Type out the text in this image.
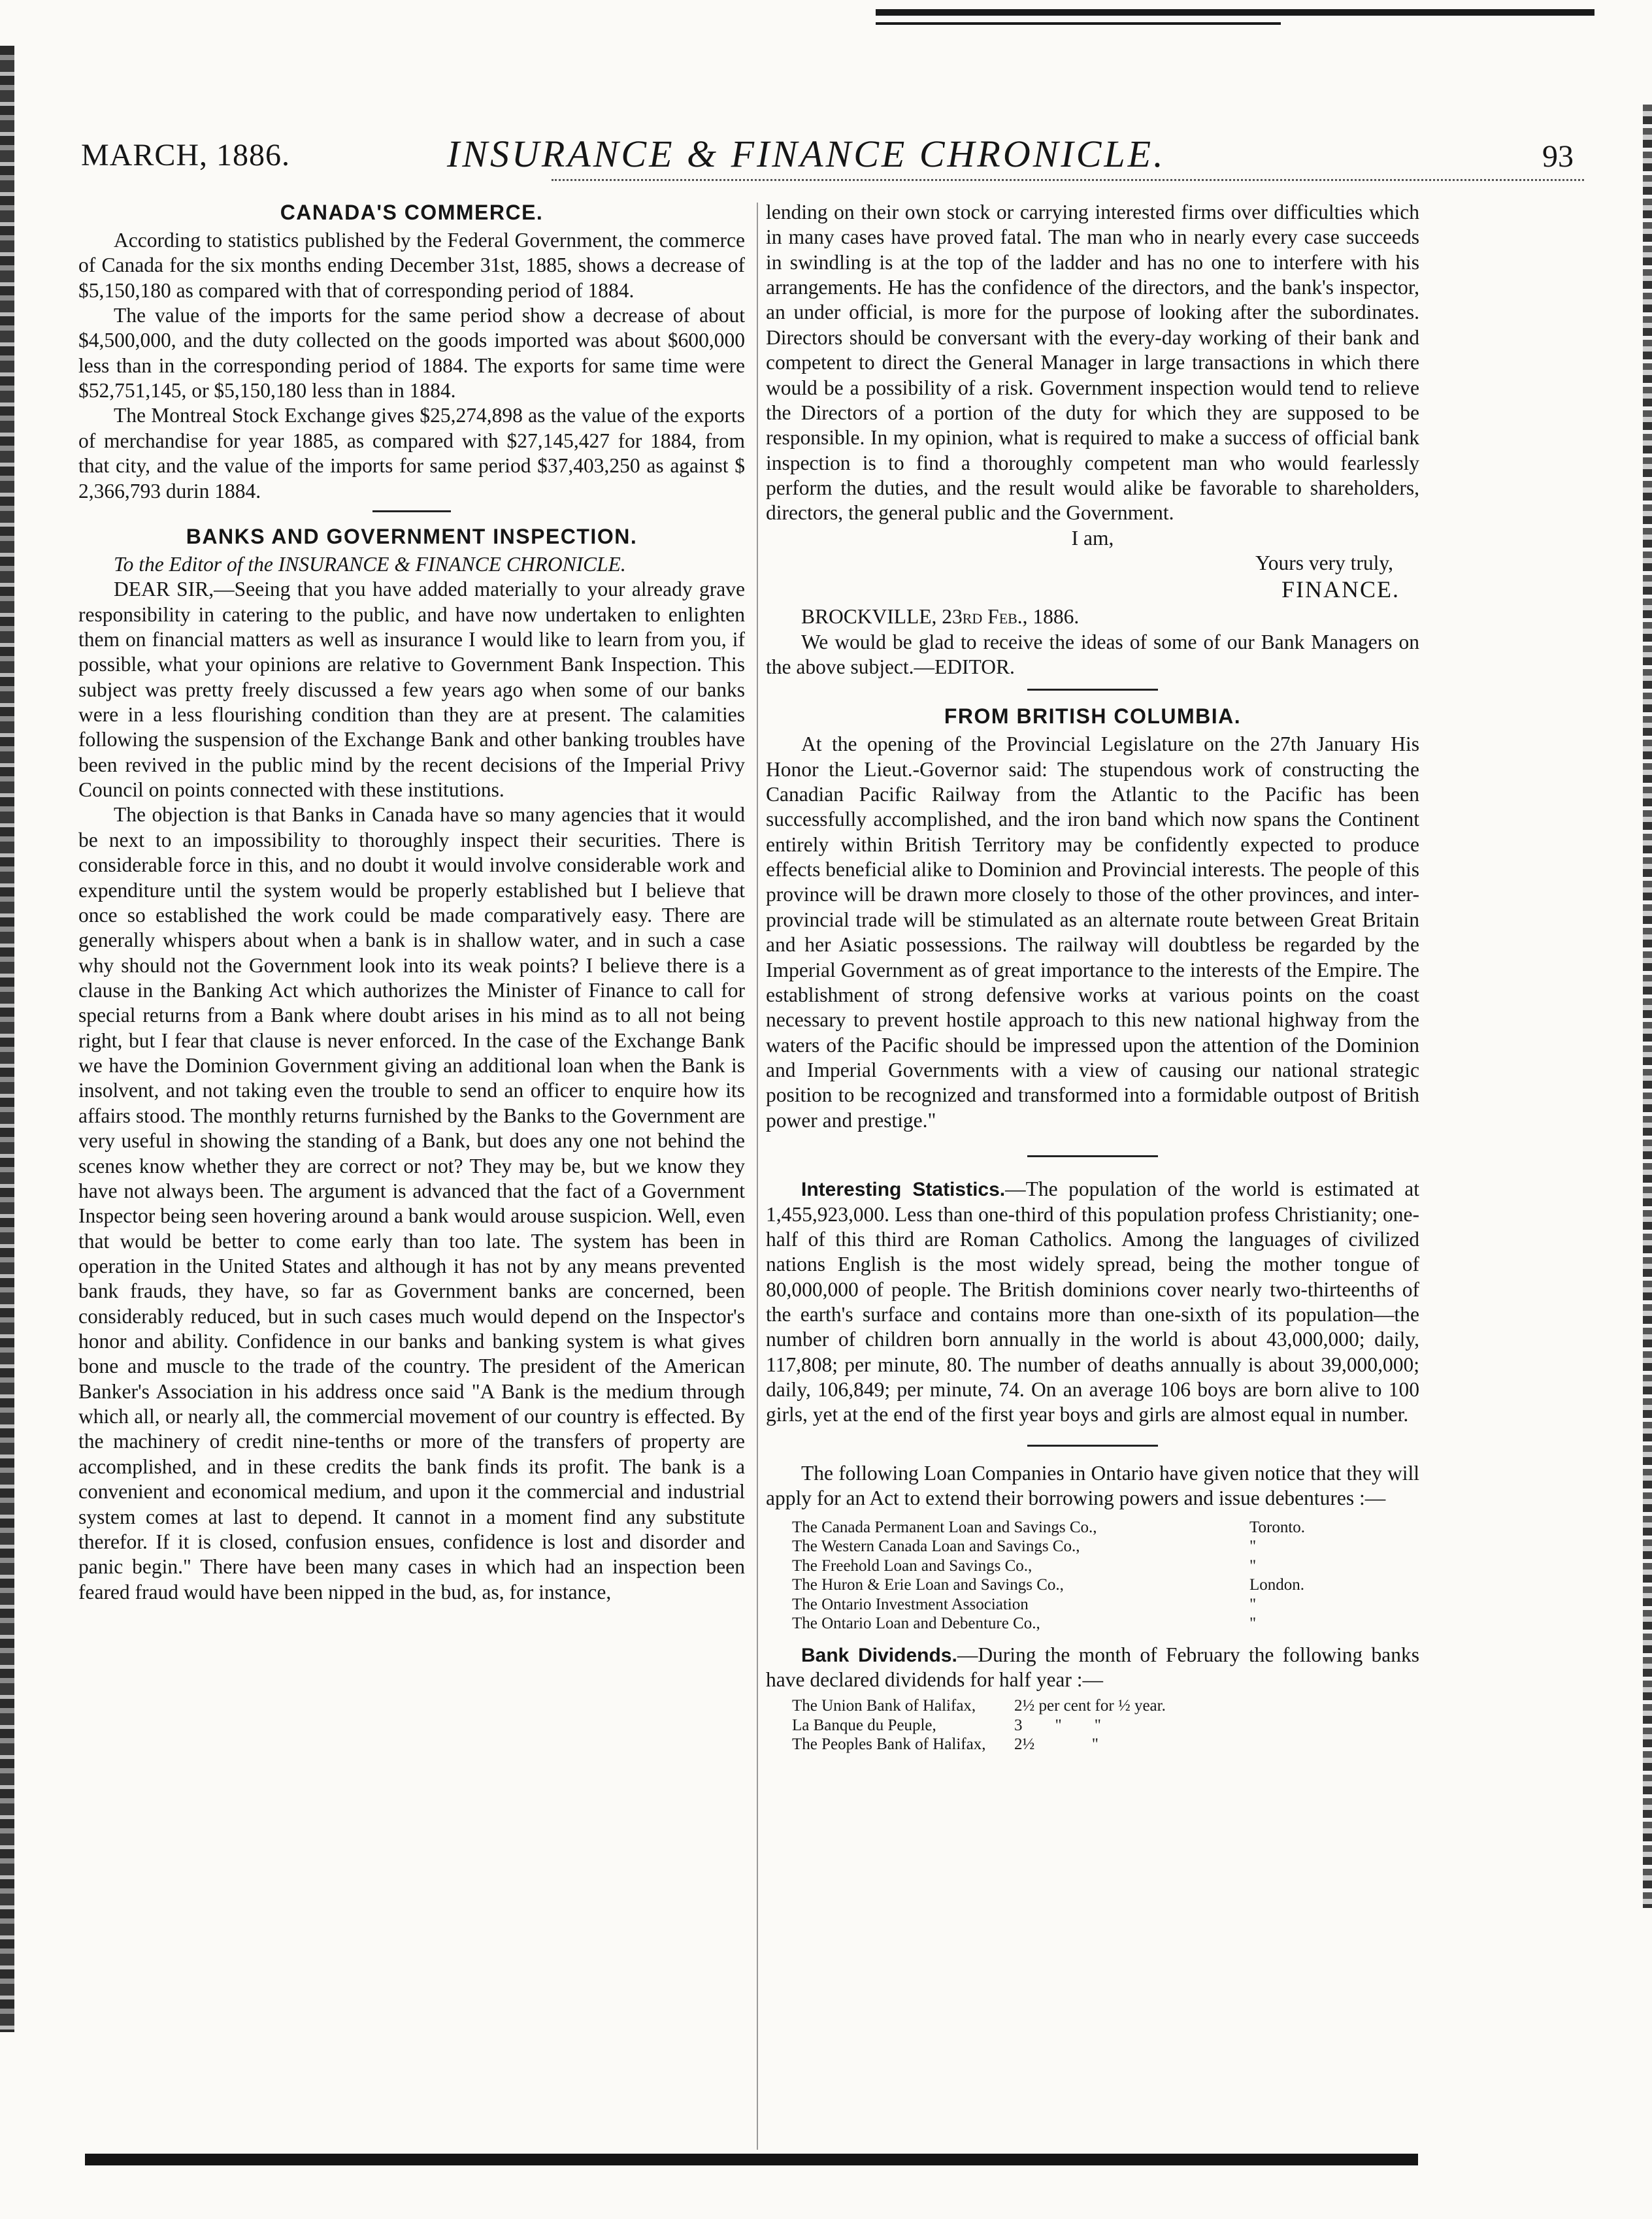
MARCH, 1886.	INSURANCE & FINANCE CHRONICLE.	93
CANADA'S COMMERCE.

According to statistics published by the Federal Government, the commerce of Canada for the six months ending December 31st, 1885, shows a decrease of $5,150,180 as compared with that of corresponding period of 1884.

The value of the imports for the same period show a decrease of about $4,500,000, and the duty collected on the goods imported was about $600,000 less than in the corresponding period of 1884. The exports for same time were $52,751,145, or $5,150,180 less than in 1884.

The Montreal Stock Exchange gives $25,274,898 as the value of the exports of merchandise for year 1885, as compared with $27,145,427 for 1884, from that city, and the value of the imports for same period $37,403,250 as against $ 2,366,793 durin 1884.

BANKS AND GOVERNMENT INSPECTION.

To the Editor of the INSURANCE & FINANCE CHRONICLE.

DEAR SIR,—Seeing that you have added materially to your already grave responsibility in catering to the public, and have now undertaken to enlighten them on financial matters as well as insurance I would like to learn from you, if possible, what your opinions are relative to Government Bank Inspection. This subject was pretty freely discussed a few years ago when some of our banks were in a less flourishing condition than they are at present. The calamities following the suspension of the Exchange Bank and other banking troubles have been revived in the public mind by the recent decisions of the Imperial Privy Council on points connected with these institutions.

The objection is that Banks in Canada have so many agencies that it would be next to an impossibility to thoroughly inspect their securities. There is considerable force in this, and no doubt it would involve considerable work and expenditure until the system would be properly established but I believe that once so established the work could be made comparatively easy. There are generally whispers about when a bank is in shallow water, and in such a case why should not the Government look into its weak points? I believe there is a clause in the Banking Act which authorizes the Minister of Finance to call for special returns from a Bank where doubt arises in his mind as to all not being right, but I fear that clause is never enforced. In the case of the Exchange Bank we have the Dominion Government giving an additional loan when the Bank is insolvent, and not taking even the trouble to send an officer to enquire how its affairs stood. The monthly returns furnished by the Banks to the Government are very useful in showing the standing of a Bank, but does any one not behind the scenes know whether they are correct or not? They may be, but we know they have not always been. The argument is advanced that the fact of a Government Inspector being seen hovering around a bank would arouse suspicion. Well, even that would be better to come early than too late. The system has been in operation in the United States and although it has not by any means prevented bank frauds, they have, so far as Government banks are concerned, been considerably reduced, but in such cases much would depend on the Inspector's honor and ability. Confidence in our banks and banking system is what gives bone and muscle to the trade of the country. The president of the American Banker's Association in his address once said "A Bank is the medium through which all, or nearly all, the commercial movement of our country is effected. By the machinery of credit nine-tenths or more of the transfers of property are accomplished, and in these credits the bank finds its profit. The bank is a convenient and economical medium, and upon it the commercial and industrial system comes at last to depend. It cannot in a moment find any substitute therefor. If it is closed, confusion ensues, confidence is lost and disorder and panic begin." There have been many cases in which had an inspection been feared fraud would have been nipped in the bud, as, for instance,

lending on their own stock or carrying interested firms over difficulties which in many cases have proved fatal. The man who in nearly every case succeeds in swindling is at the top of the ladder and has no one to interfere with his arrangements. He has the confidence of the directors, and the bank's inspector, an under official, is more for the purpose of looking after the subordinates. Directors should be conversant with the every-day working of their bank and competent to direct the General Manager in large transactions in which there would be a possibility of a risk. Government inspection would tend to relieve the Directors of a portion of the duty for which they are supposed to be responsible. In my opinion, what is required to make a success of official bank inspection is to find a thoroughly competent man who would fearlessly perform the duties, and the result would alike be favorable to shareholders, directors, the general public and the Government.

I am,
Yours very truly,
FINANCE.

BROCKVILLE, 23rd Feb., 1886.

We would be glad to receive the ideas of some of our Bank Managers on the above subject.—EDITOR.

FROM BRITISH COLUMBIA.

At the opening of the Provincial Legislature on the 27th January His Honor the Lieut.-Governor said: The stupendous work of constructing the Canadian Pacific Railway from the Atlantic to the Pacific has been successfully accomplished, and the iron band which now spans the Continent entirely within British Territory may be confidently expected to produce effects beneficial alike to Dominion and Provincial interests. The people of this province will be drawn more closely to those of the other provinces, and inter-provincial trade will be stimulated as an alternate route between Great Britain and her Asiatic possessions. The railway will doubtless be regarded by the Imperial Government as of great importance to the interests of the Empire. The establishment of strong defensive works at various points on the coast necessary to prevent hostile approach to this new national highway from the waters of the Pacific should be impressed upon the attention of the Dominion and Imperial Governments with a view of causing our national strategic position to be recognized and transformed into a formidable outpost of British power and prestige."

Interesting Statistics.—The population of the world is estimated at 1,455,923,000. Less than one-third of this population profess Christianity; one-half of this third are Roman Catholics. Among the languages of civilized nations English is the most widely spread, being the mother tongue of 80,000,000 of people. The British dominions cover nearly two-thirteenths of the earth's surface and contains more than one-sixth of its population—the number of children born annually in the world is about 43,000,000; daily, 117,808; per minute, 80. The number of deaths annually is about 39,000,000; daily, 106,849; per minute, 74. On an average 106 boys are born alive to 100 girls, yet at the end of the first year boys and girls are almost equal in number.

The following Loan Companies in Ontario have given notice that they will apply for an Act to extend their borrowing powers and issue debentures :—

The Canada Permanent Loan and Savings Co.,	Toronto.
The Western Canada Loan and Savings Co.,	"
The Freehold Loan and Savings Co.,	"
The Huron & Erie Loan and Savings Co.,	London.
The Ontario Investment Association	"
The Ontario Loan and Debenture Co.,	"

Bank Dividends.—During the month of February the following banks have declared dividends for half year :—

The Union Bank of Halifax,	2½ per cent for ½ year.
La Banque du Peuple,	3        "        "
The Peoples Bank of Halifax,	2½              "
